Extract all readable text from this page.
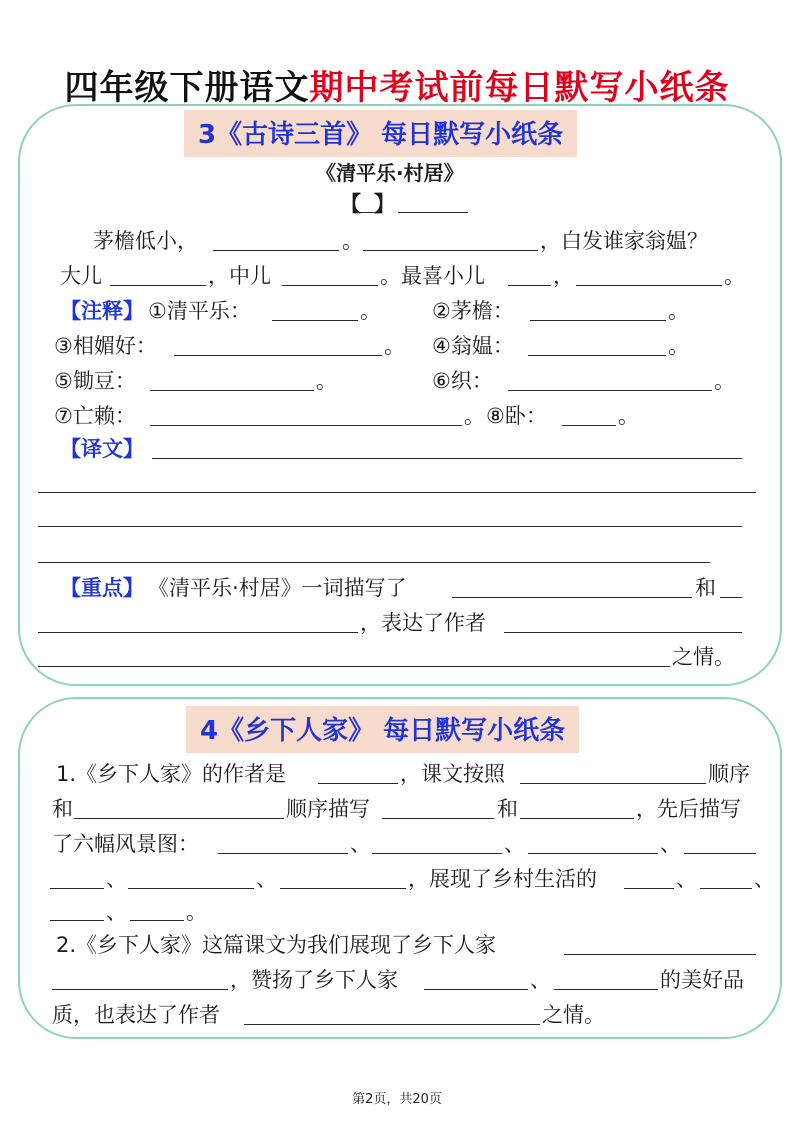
四年级下册语文期中考试前每日默写小纸条
3《古诗三首》 每日默写小纸条
《清平乐·村居》
【 】
茅檐低小，	。	，白发谁家翁媪？
大儿	，中儿	。最喜小儿	，	。
【注释】 ①清平乐：	。 ②茅檐：	。
③相媚好：	。 ④翁媪：	。
⑤锄豆：	。	⑥织：	。
⑦亡赖：	。 ⑧卧：	。
【译文】
【重点】 《清平乐·村居》一词描写了	和
，表达了作者
之情。
4《乡下人家》 每日默写小纸条
1.《乡下人家》的作者是	，课文按照	顺序
和	顺序描写	和	，先后描写
了六幅风景图：	、	、	、
、	、	，展现了乡村生活的	、	、
、	。
2.《乡下人家》这篇课文为我们展现了乡下人家
，赞扬了乡下人家	、	的美好品
质，也表达了作者	之情。
第2页，共20页
